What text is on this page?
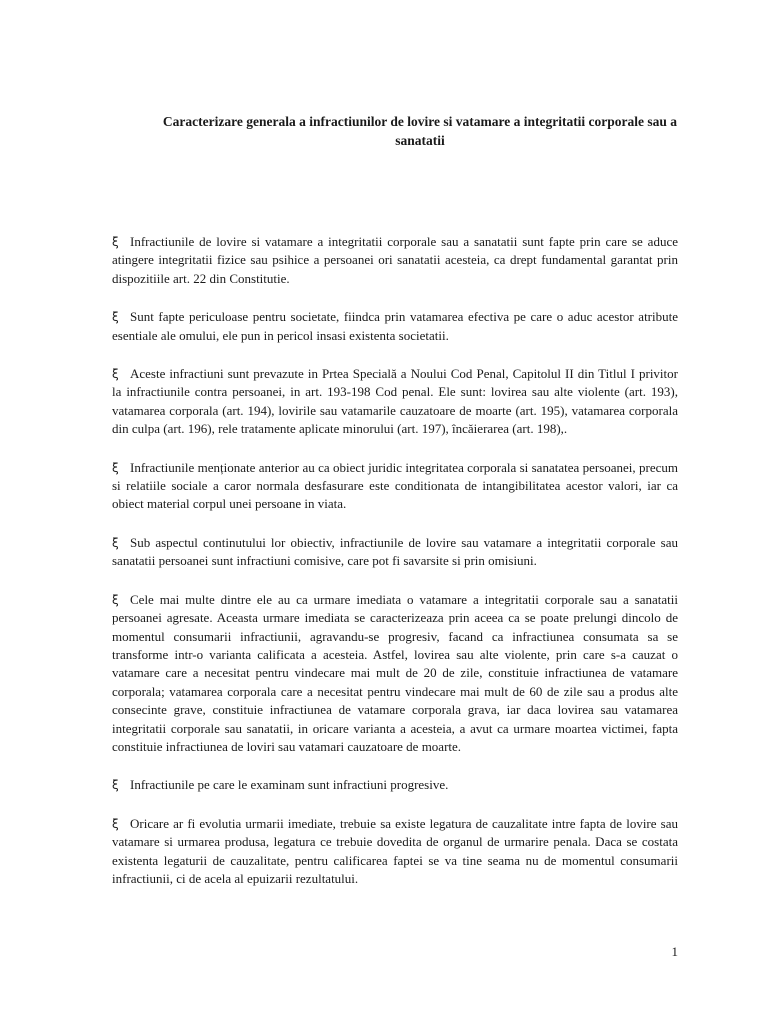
Caracterizare generala a infractiunilor de lovire si vatamare a integritatii corporale sau a sanatatii

ξ Infractiunile de lovire si vatamare a integritatii corporale sau a sanatatii sunt fapte prin care se aduce atingere integritatii fizice sau psihice a persoanei ori sanatatii acesteia, ca drept fundamental garantat prin dispozitiile art. 22 din Constitutie.

ξ Sunt fapte periculoase pentru societate, fiindca prin vatamarea efectiva pe care o aduc acestor atribute esentiale ale omului, ele pun in pericol insasi existenta societatii.

ξ Aceste infractiuni sunt prevazute in Prtea Specială a Noului Cod Penal, Capitolul II din Titlul I privitor la infractiunile contra persoanei, in art. 193-198 Cod penal. Ele sunt: lovirea sau alte violente (art. 193), vatamarea corporala (art. 194), lovirile sau vatamarile cauzatoare de moarte (art. 195), vatamarea corporala din culpa (art. 196), rele tratamente aplicate minorului (art. 197), încăierarea (art. 198),.

ξ Infractiunile menționate anterior au ca obiect juridic integritatea corporala si sanatatea persoanei, precum si relatiile sociale a caror normala desfasurare este conditionata de intangibilitatea acestor valori, iar ca obiect material corpul unei persoane in viata.

ξ Sub aspectul continutului lor obiectiv, infractiunile de lovire sau vatamare a integritatii corporale sau sanatatii persoanei sunt infractiuni comisive, care pot fi savarsite si prin omisiuni.

ξ Cele mai multe dintre ele au ca urmare imediata o vatamare a integritatii corporale sau a sanatatii persoanei agresate. Aceasta urmare imediata se caracterizeaza prin aceea ca se poate prelungi dincolo de momentul consumarii infractiunii, agravandu-se progresiv, facand ca infractiunea consumata sa se transforme intr-o varianta calificata a acesteia. Astfel, lovirea sau alte violente, prin care s-a cauzat o vatamare care a necesitat pentru vindecare mai mult de 20 de zile, constituie infractiunea de vatamare corporala; vatamarea corporala care a necesitat pentru vindecare mai mult de 60 de zile sau a produs alte consecinte grave, constituie infractiunea de vatamare corporala grava, iar daca lovirea sau vatamarea integritatii corporale sau sanatatii, in oricare varianta a acesteia, a avut ca urmare moartea victimei, fapta constituie infractiunea de loviri sau vatamari cauzatoare de moarte.

ξ Infractiunile pe care le examinam sunt infractiuni progresive.

ξ Oricare ar fi evolutia urmarii imediate, trebuie sa existe legatura de cauzalitate intre fapta de lovire sau vatamare si urmarea produsa, legatura ce trebuie dovedita de organul de urmarire penala. Daca se costata existenta legaturii de cauzalitate, pentru calificarea faptei se va tine seama nu de momentul consumarii infractiunii, ci de acela al epuizarii rezultatului.

1
